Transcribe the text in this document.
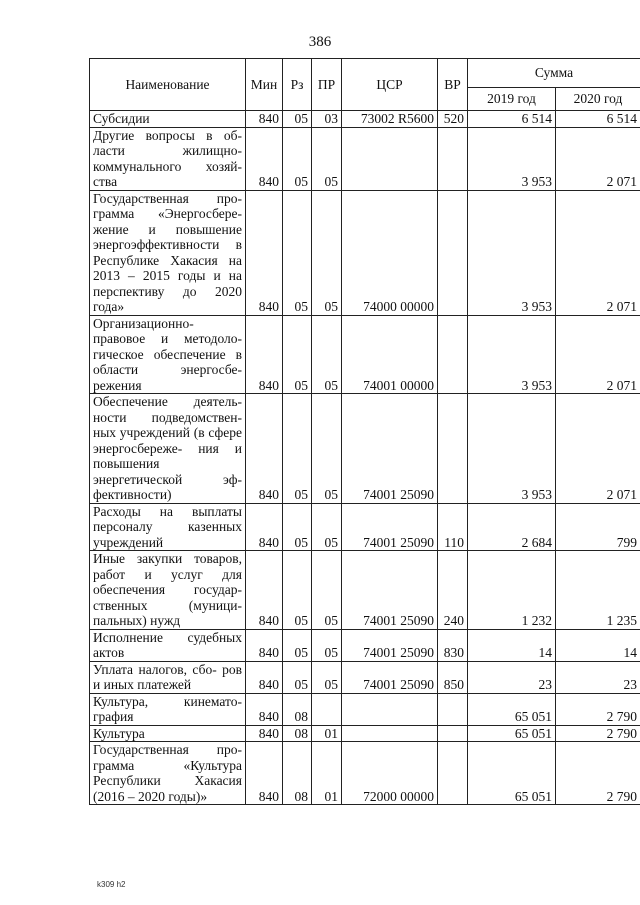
386
Наименование	Мин	Рз	ПР	ЦСР	ВР	Сумма	
						2019 год	2020 год
Субсидии	840	05	03	73002 R5600	520	6 514	6 514
Другие вопросы в об- ласти жилищно- коммунального хозяй- ства	840	05	05			3 953	2 071
Государственная про- грамма «Энергосбере- жение и повышение энергоэффективности в Республике Хакасия на 2013 – 2015 годы и на перспективу до 2020 года»	840	05	05	74000 00000		3 953	2 071
Организационно- правовое и методоло- гическое обеспечение в области энергосбе- режения	840	05	05	74001 00000		3 953	2 071
Обеспечение деятель- ности подведомствен- ных учреждений (в сфере энергосбереже- ния и повышения энергетической эф- фективности)	840	05	05	74001 25090		3 953	2 071
Расходы на выплаты персоналу казенных учреждений	840	05	05	74001 25090	110	2 684	799
Иные закупки товаров, работ и услуг для обеспечения государ- ственных (муници- пальных) нужд	840	05	05	74001 25090	240	1 232	1 235
Исполнение судебных актов	840	05	05	74001 25090	830	14	14
Уплата налогов, сбо- ров и иных платежей	840	05	05	74001 25090	850	23	23
Культура, кинемато- графия	840	08				65 051	2 790
Культура	840	08	01			65 051	2 790
Государственная про- грамма «Культура Республики Хакасия (2016 – 2020 годы)»	840	08	01	72000 00000		65 051	2 790
k309 h2
